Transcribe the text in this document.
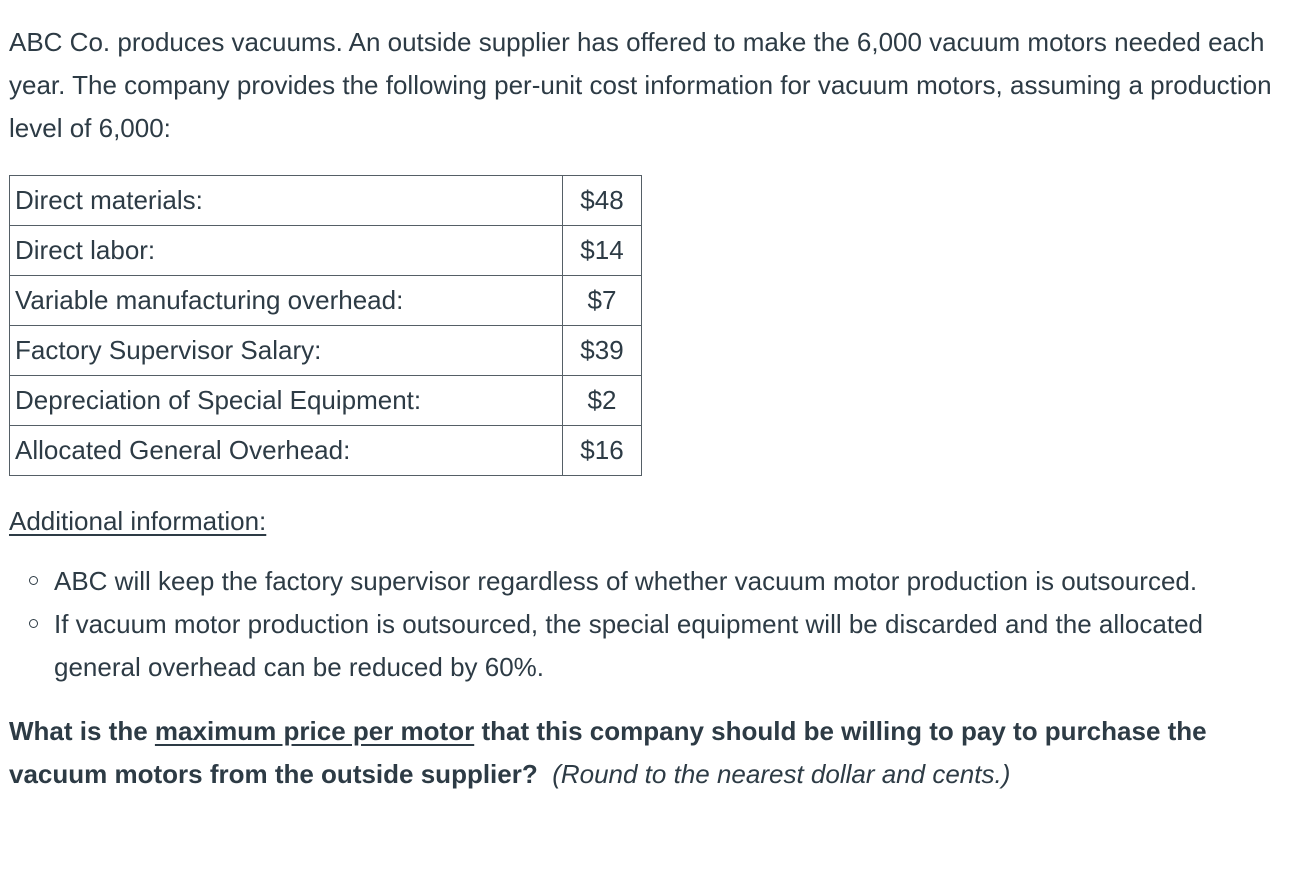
ABC Co. produces vacuums. An outside supplier has offered to make the 6,000 vacuum motors needed each year. The company provides the following per-unit cost information for vacuum motors, assuming a production level of 6,000:

Direct materials:	$48
Direct labor:	$14
Variable manufacturing overhead:	$7
Factory Supervisor Salary:	$39
Depreciation of Special Equipment:	$2
Allocated General Overhead:	$16
Additional information:
ABC will keep the factory supervisor regardless of whether vacuum motor production is outsourced.
If vacuum motor production is outsourced, the special equipment will be discarded and the allocated general overhead can be reduced by 60%.

What is the maximum price per motor that this company should be willing to pay to purchase the vacuum motors from the outside supplier? (Round to the nearest dollar and cents.)
